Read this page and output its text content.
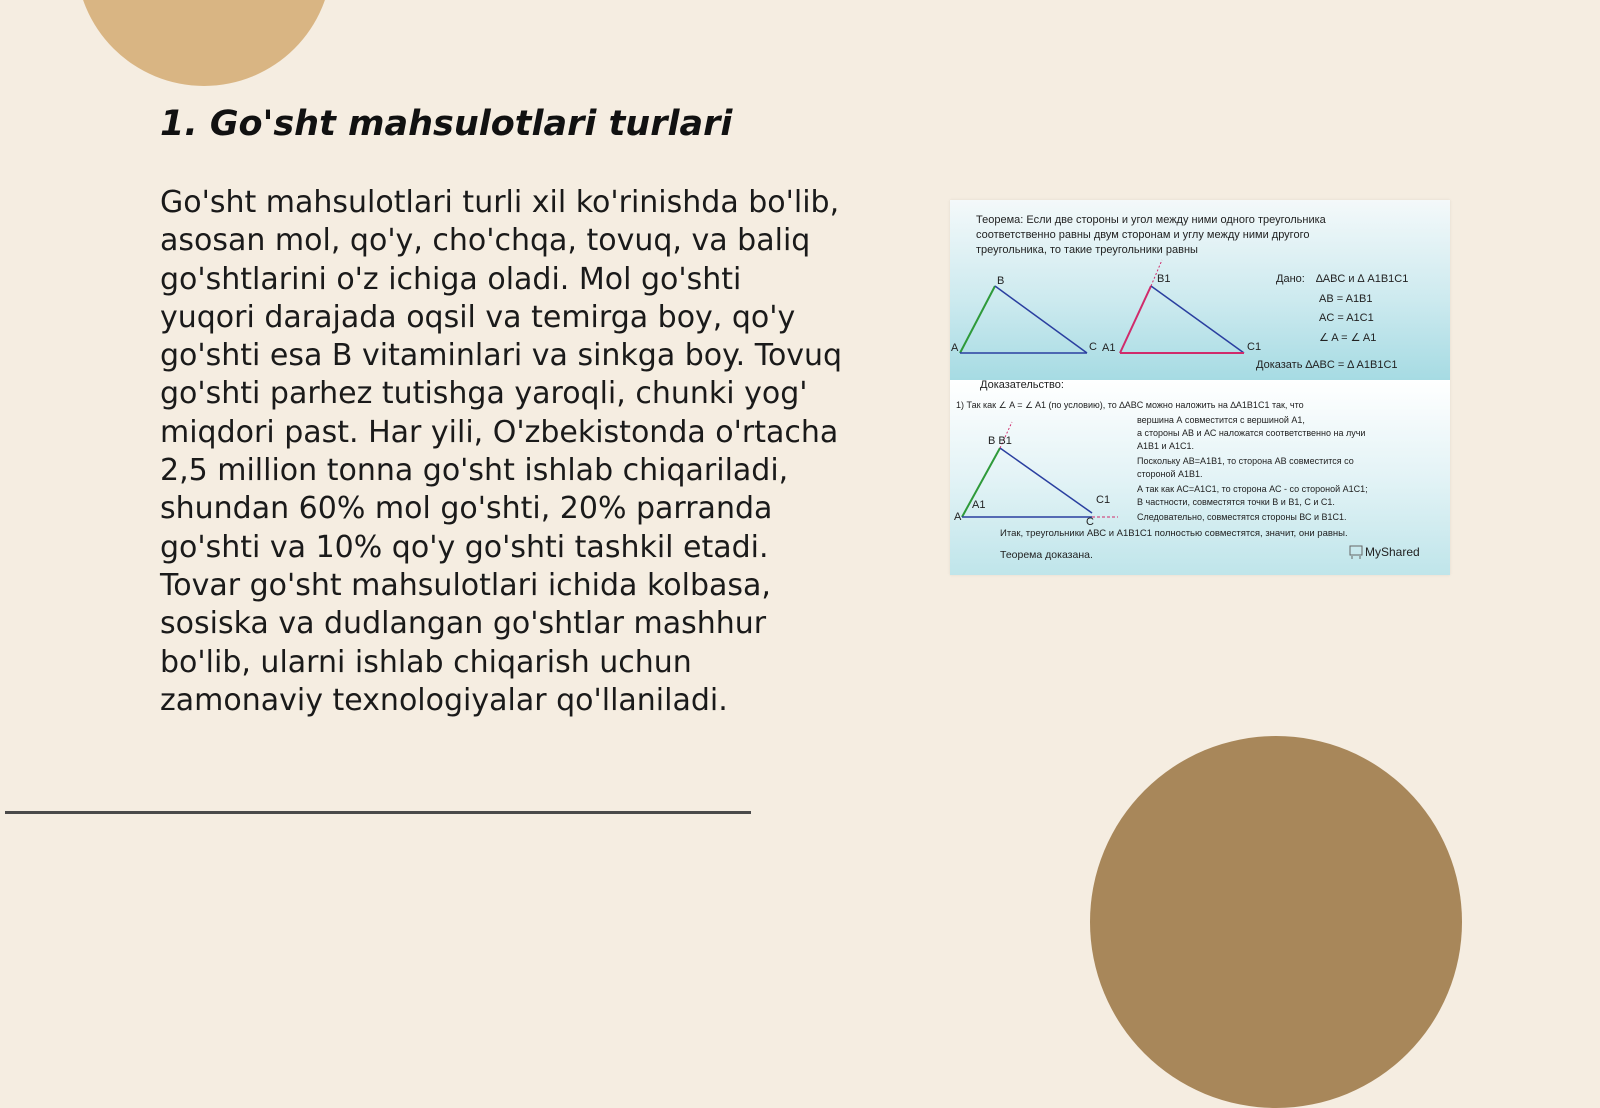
1. Go'sht mahsulotlari turlari
Go'sht mahsulotlari turli xil ko'rinishda bo'lib,
asosan mol, qo'y, cho'chqa, tovuq, va baliq
go'shtlarini o'z ichiga oladi. Mol go'shti
yuqori darajada oqsil va temirga boy, qo'y
go'shti esa B vitaminlari va sinkga boy. Tovuq
go'shti parhez tutishga yaroqli, chunki yog'
miqdori past. Har yili, O'zbekistonda o'rtacha
2,5 million tonna go'sht ishlab chiqariladi,
shundan 60% mol go'shti, 20% parranda
go'shti va 10% qo'y go'shti tashkil etadi.
Tovar go'sht mahsulotlari ichida kolbasa,
sosiska va dudlangan go'shtlar mashhur
bo'lib, ularni ishlab chiqarish uchun
zamonaviy texnologiyalar qo'llaniladi.
Теорема: Если две стороны и угол между ними одного треугольника
соответственно равны двум сторонам и углу между ними другого
треугольника, то такие треугольники равны
B
A	C
B1
A1	C1
Дано: ∆ABC и ∆ A1B1C1
AB = A1B1
AC = A1C1
∠ A = ∠ A1
Доказать ∆ABC = ∆ A1B1C1
Доказательство:
1) Так как ∠ A = ∠ A1 (по условию), то ∆ABC можно наложить на ∆A1B1C1 так, что
B B1
A1
A
C1
C
вершина А совместится с вершиной А1,
а стороны АВ и АС наложатся соответственно на лучи
А1В1 и А1С1.
Поскольку АВ=А1В1, то сторона АВ совместится со
стороной А1В1.
А так как АС=А1С1, то сторона АС - со стороной А1С1;
В частности, совместятся точки В и В1, С и С1.
Следовательно, совместятся стороны ВС и В1С1.
Итак, треугольники АВС и А1В1С1 полностью совместятся, значит, они равны.
Теорема доказана.	MyShared
